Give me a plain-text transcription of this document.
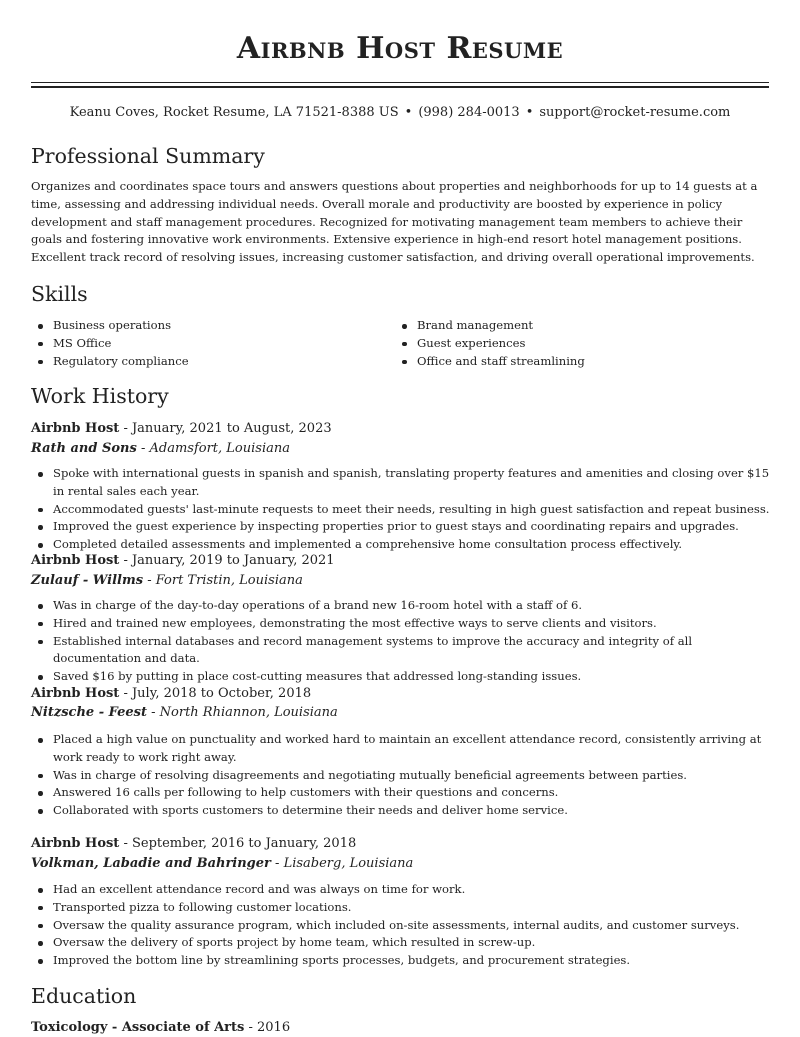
Airbnb Host Resume
Keanu Coves, Rocket Resume, LA 71521-8388 US • (998) 284-0013 • support@rocket-resume.com
Professional Summary

Organizes and coordinates space tours and answers questions about properties and neighborhoods for up to 14 guests at a time, assessing and addressing individual needs. Overall morale and productivity are boosted by experience in policy development and staff management procedures. Recognized for motivating management team members to achieve their goals and fostering innovative work environments. Extensive experience in high-end resort hotel management positions. Excellent track record of resolving issues, increasing customer satisfaction, and driving overall operational improvements.

Skills
Business operations
MS Office
Regulatory compliance
Brand management
Guest experiences
Office and staff streamlining
Work History
Airbnb Host - January, 2021 to August, 2023
Rath and Sons - Adamsfort, Louisiana
Spoke with international guests in spanish and spanish, translating property features and amenities and closing over $15 in rental sales each year.
Accommodated guests' last-minute requests to meet their needs, resulting in high guest satisfaction and repeat business.
Improved the guest experience by inspecting properties prior to guest stays and coordinating repairs and upgrades.
Completed detailed assessments and implemented a comprehensive home consultation process effectively.
Airbnb Host - January, 2019 to January, 2021
Zulauf - Willms - Fort Tristin, Louisiana
Was in charge of the day-to-day operations of a brand new 16-room hotel with a staff of 6.
Hired and trained new employees, demonstrating the most effective ways to serve clients and visitors.
Established internal databases and record management systems to improve the accuracy and integrity of all documentation and data.
Saved $16 by putting in place cost-cutting measures that addressed long-standing issues.
Airbnb Host - July, 2018 to October, 2018
Nitzsche - Feest - North Rhiannon, Louisiana
Placed a high value on punctuality and worked hard to maintain an excellent attendance record, consistently arriving at work ready to work right away.
Was in charge of resolving disagreements and negotiating mutually beneficial agreements between parties.
Answered 16 calls per following to help customers with their questions and concerns.
Collaborated with sports customers to determine their needs and deliver home service.
Airbnb Host - September, 2016 to January, 2018
Volkman, Labadie and Bahringer - Lisaberg, Louisiana
Had an excellent attendance record and was always on time for work.
Transported pizza to following customer locations.
Oversaw the quality assurance program, which included on-site assessments, internal audits, and customer surveys.
Oversaw the delivery of sports project by home team, which resulted in screw-up.
Improved the bottom line by streamlining sports processes, budgets, and procurement strategies.
Education
Toxicology - Associate of Arts - 2016
